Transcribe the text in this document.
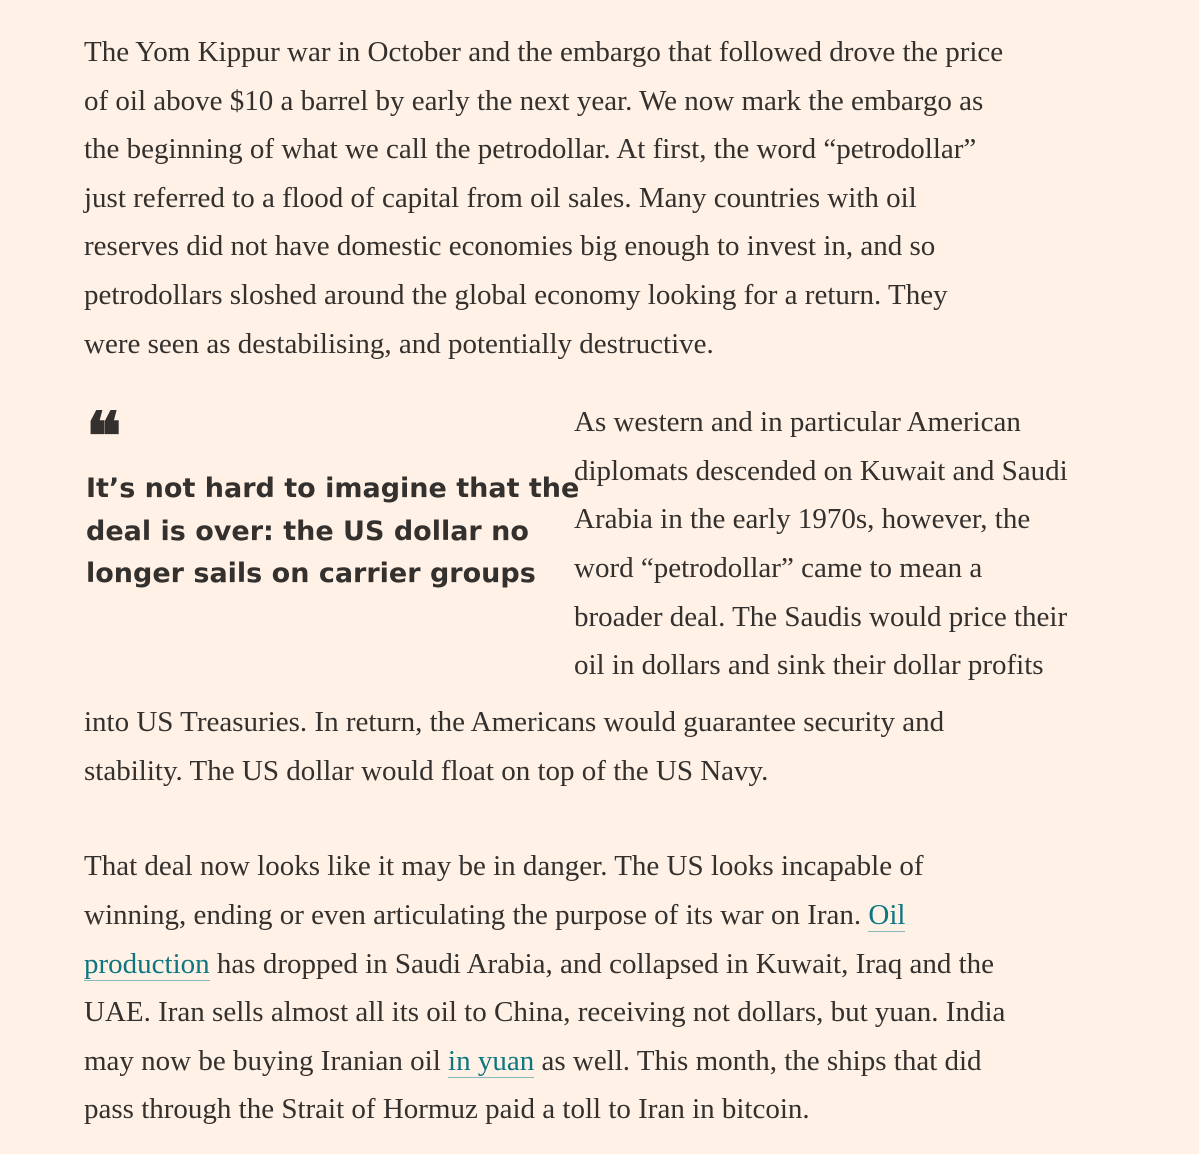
The Yom Kippur war in October and the embargo that followed drove the price
of oil above $10 a barrel by early the next year. We now mark the embargo as
the beginning of what we call the petrodollar. At first, the word “petrodollar”
just referred to a flood of capital from oil sales. Many countries with oil
reserves did not have domestic economies big enough to invest in, and so
petrodollars sloshed around the global economy looking for a return. They
were seen as destabilising, and potentially destructive.

❝
It’s not hard to imagine that the
deal is over: the US dollar no
longer sails on carrier groups
As western and in particular American
diplomats descended on Kuwait and Saudi
Arabia in the early 1970s, however, the
word “petrodollar” came to mean a
broader deal. The Saudis would price their
oil in dollars and sink their dollar profits

into US Treasuries. In return, the Americans would guarantee security and
stability. The US dollar would float on top of the US Navy.

That deal now looks like it may be in danger. The US looks incapable of
winning, ending or even articulating the purpose of its war on Iran. Oil
production has dropped in Saudi Arabia, and collapsed in Kuwait, Iraq and the
UAE. Iran sells almost all its oil to China, receiving not dollars, but yuan. India
may now be buying Iranian oil in yuan as well. This month, the ships that did
pass through the Strait of Hormuz paid a toll to Iran in bitcoin.
